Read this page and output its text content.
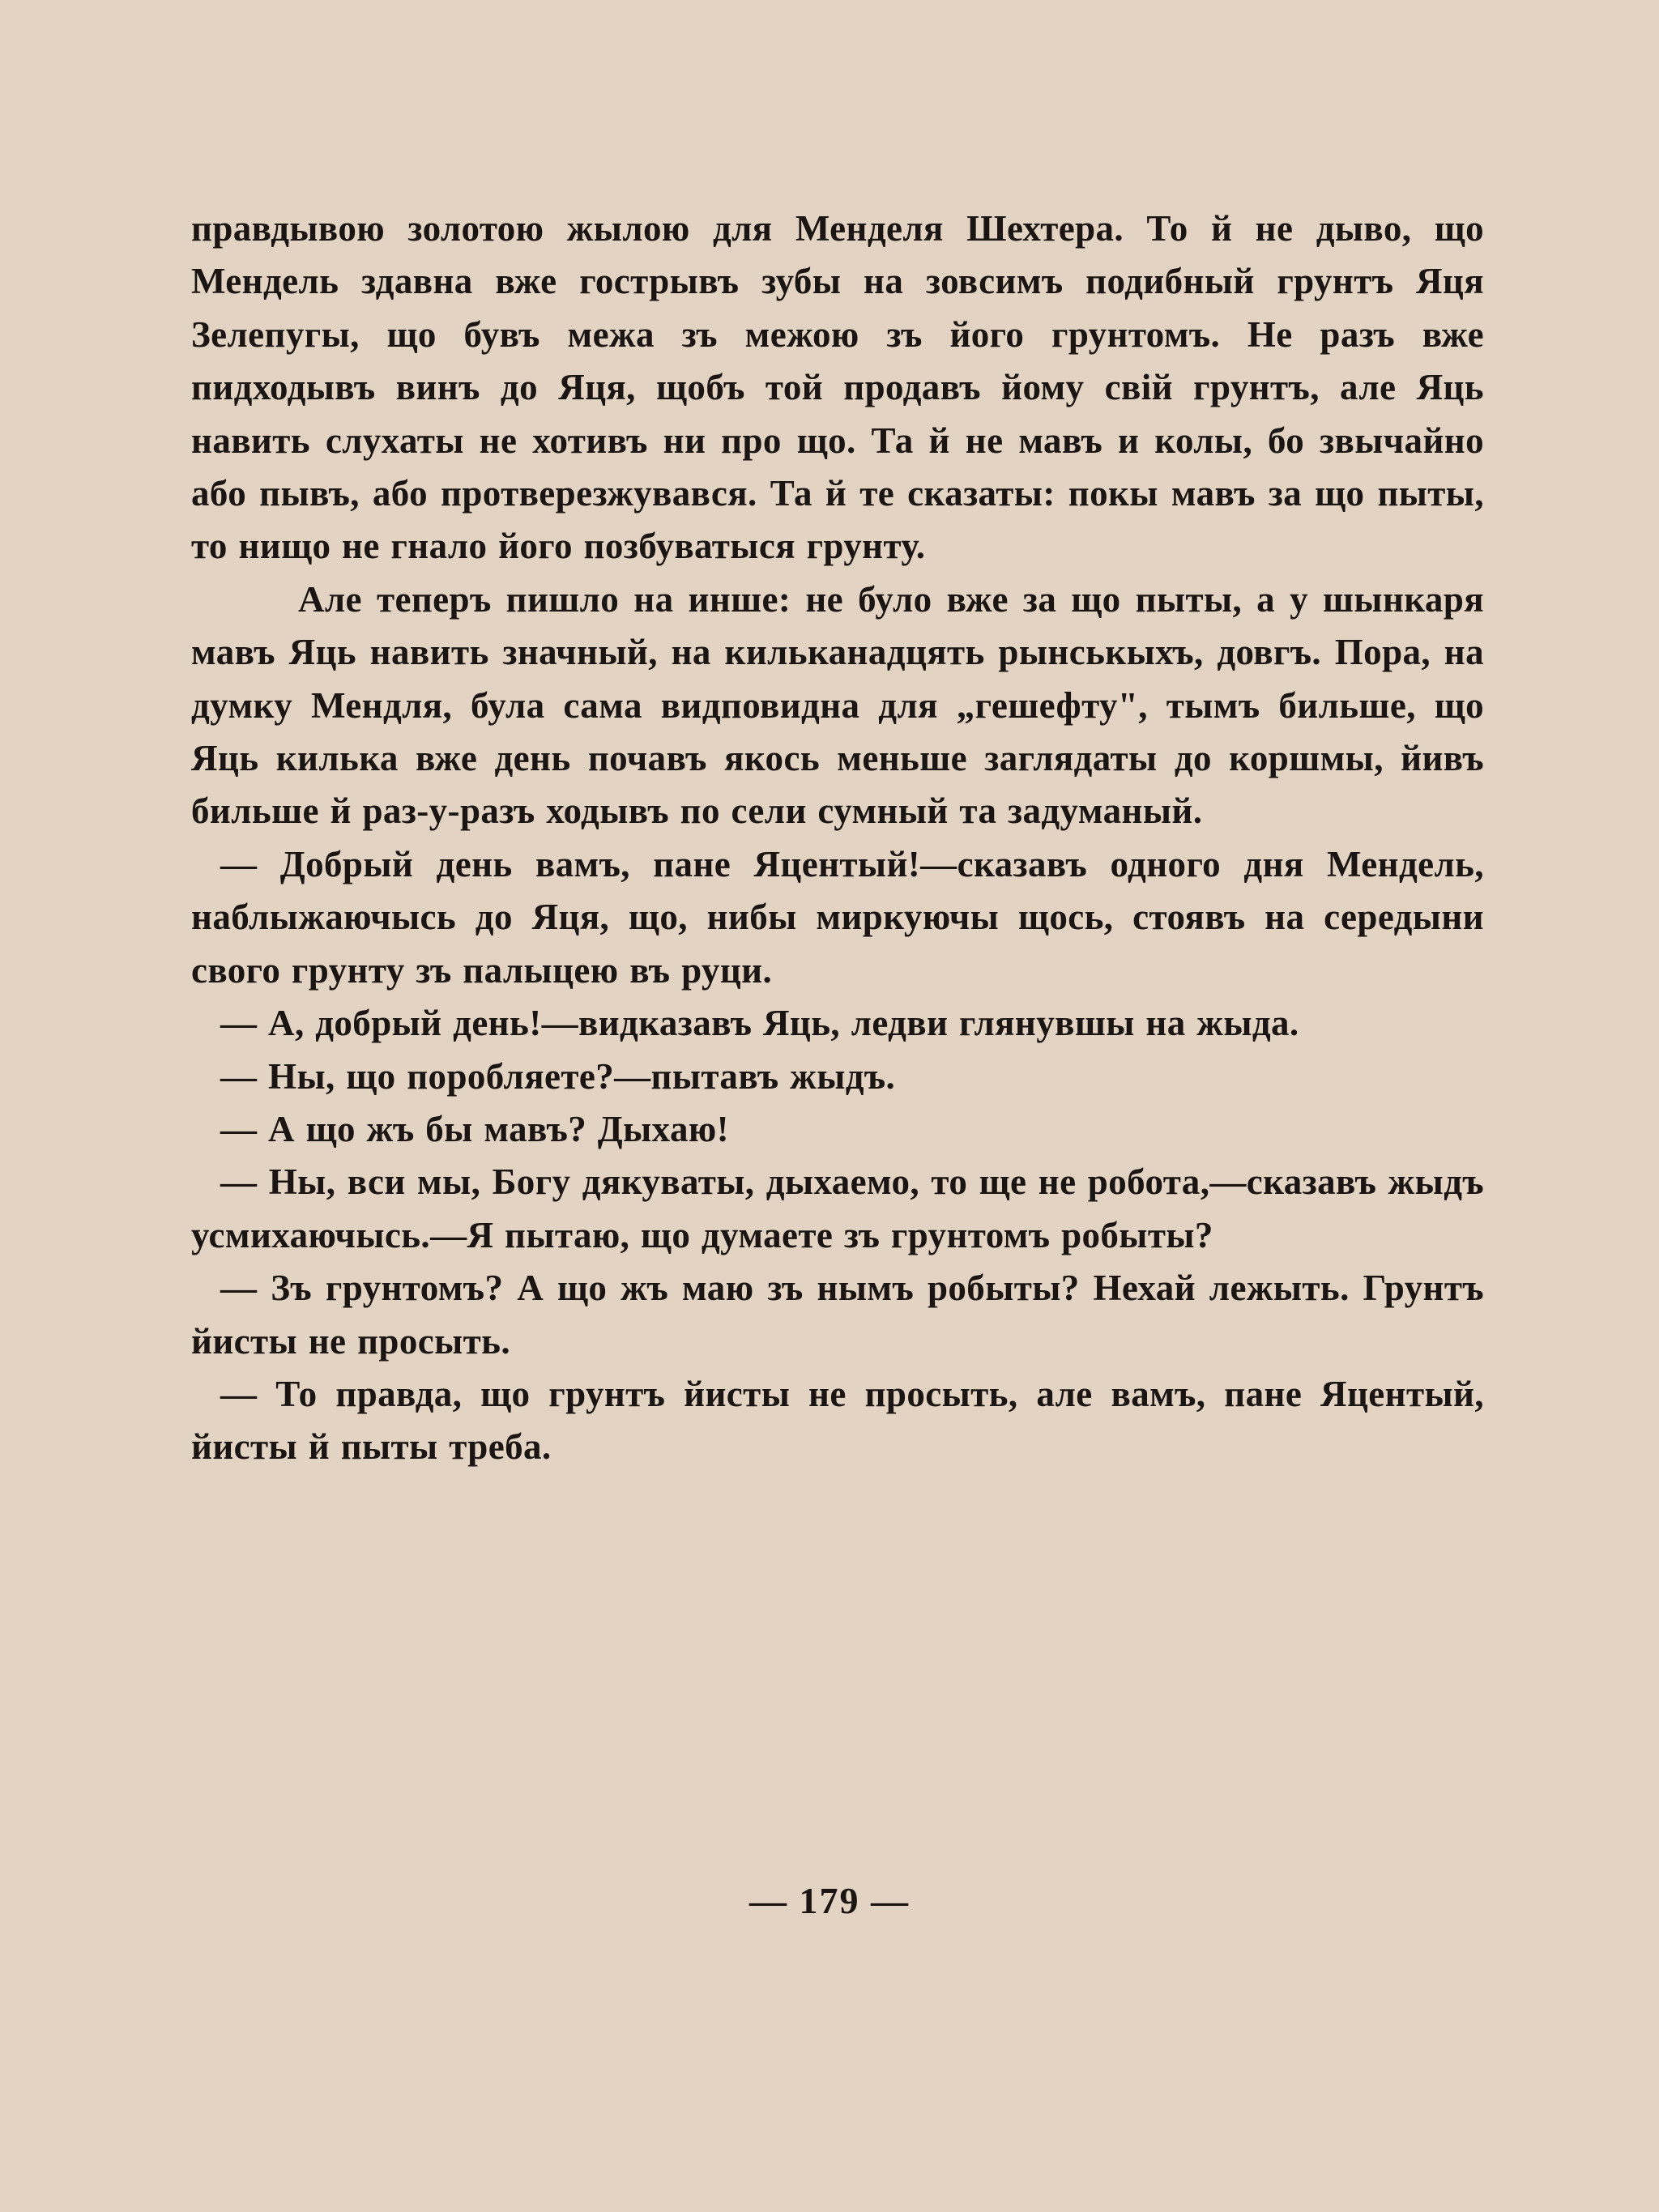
правдывою золотою жылою для Менделя Шехтера. То й не дыво, що Мендель здавна вже гострывъ зубы на зовсимъ подибный грунтъ Яця Зелепугы, що бувъ межа зъ межою зъ його грунтомъ. Не разъ вже пидходывъ винъ до Яця, щобъ той продавъ йому свій грунтъ, але Яць навить слухаты не хотивъ ни про що. Та й не мавъ и колы, бо звычайно або пывъ, або протверезжувався. Та й те сказаты: покы мавъ за що пыты, то нищо не гнало його позбуватыся грунту.

Але теперъ пишло на инше: не було вже за що пыты, а у шынкаря мавъ Яць навить значный, на кильканадцять рынськыхъ, довгъ. Пора, на думку Мендля, була сама видповидна для „гешефту", тымъ бильше, що Яць килька вже день почавъ якось меньше заглядаты до коршмы, йивъ бильше й раз-у-разъ ходывъ по сели сумный та задуманый.

— Добрый день вамъ, пане Яцентый!—сказавъ одного дня Мендель, наблыжаючысь до Яця, що, нибы миркуючы щось, стоявъ на середыни свого грунту зъ палыцею въ руци.

— А, добрый день!—видказавъ Яць, ледви глянувшы на жыда.

— Ны, що поробляете?—пытавъ жыдъ.

— А що жъ бы мавъ? Дыхаю!

— Ны, вси мы, Богу дякуваты, дыхаемо, то ще не робота,—сказавъ жыдъ усмихаючысь.—Я пытаю, що думаете зъ грунтомъ робыты?

— Зъ грунтомъ? А що жъ маю зъ нымъ робыты? Нехай лежыть. Грунтъ йисты не просыть.

— То правда, що грунтъ йисты не просыть, але вамъ, пане Яцентый, йисты й пыты треба.

— 179 —
